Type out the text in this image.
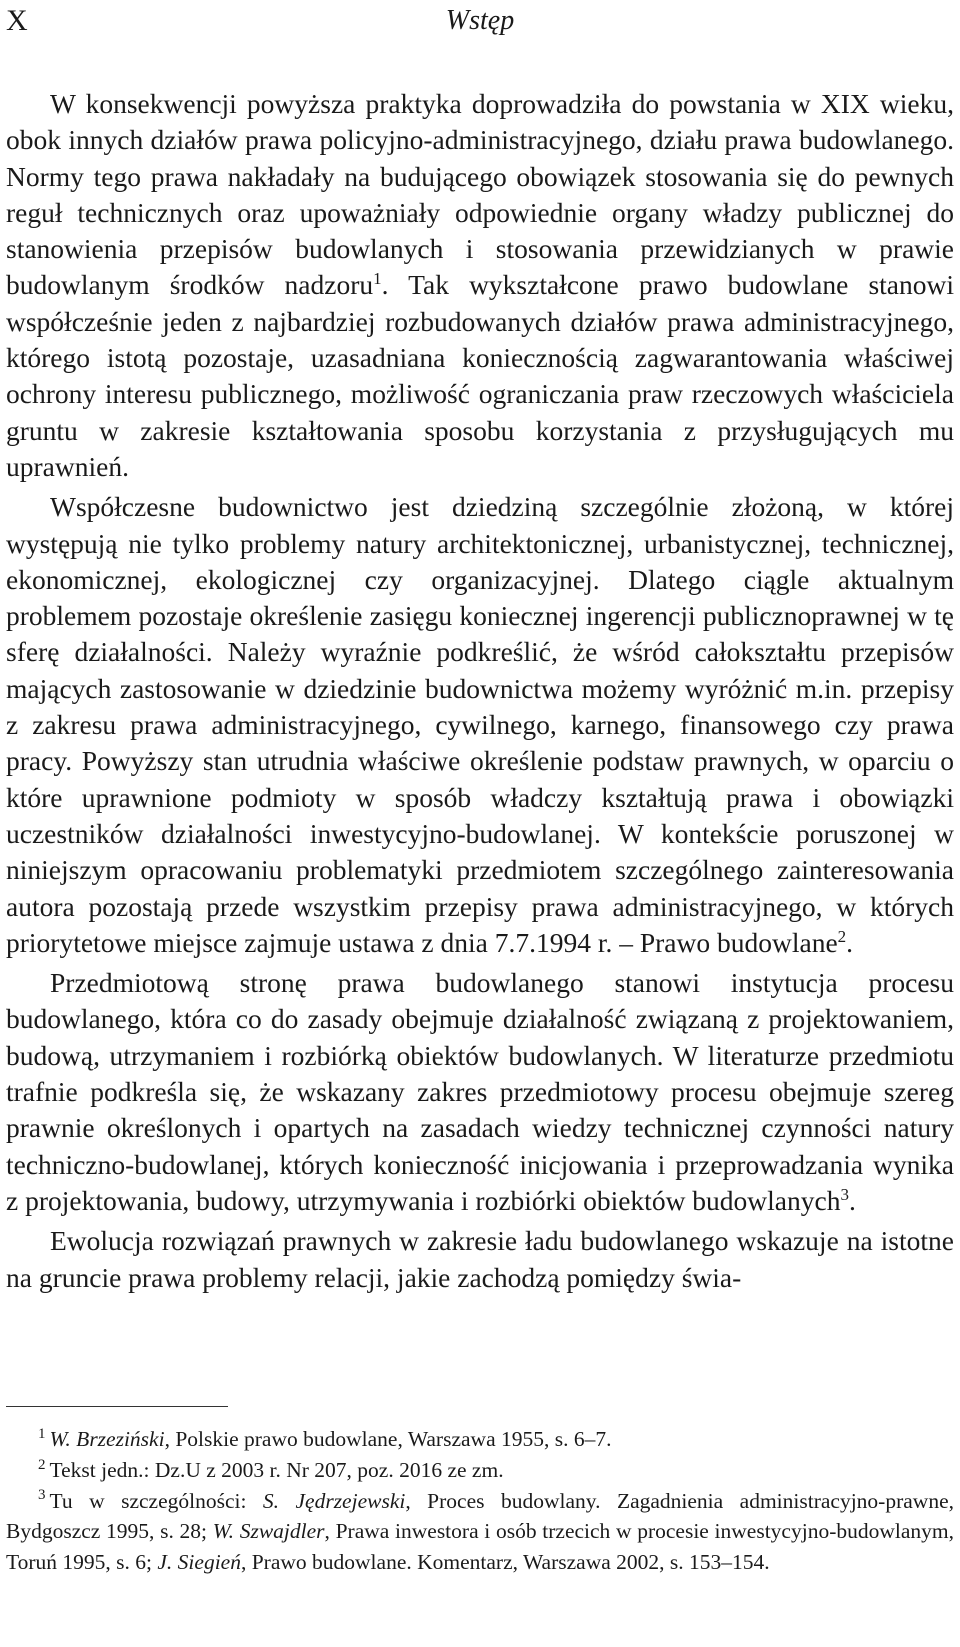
X	Wstęp

W konsekwencji powyższa praktyka doprowadziła do powstania w XIX wieku, obok innych działów prawa policyjno-administracyjnego, działu prawa budowlanego. Normy tego prawa nakładały na budującego obowiązek stosowania się do pewnych reguł technicznych oraz upoważniały odpowiednie organy władzy publicznej do stanowienia przepisów budowlanych i stosowania przewidzianych w prawie budowlanym środków nadzoru$^1$. Tak wykształcone prawo budowlane stanowi współcześnie jeden z najbardziej rozbudowanych działów prawa administracyjnego, którego istotą pozostaje, uzasadniana koniecznością zagwarantowania właściwej ochrony interesu publicznego, możliwość ograniczania praw rzeczowych właściciela gruntu w zakresie kształtowania sposobu korzystania z przysługujących mu uprawnień.

Współczesne budownictwo jest dziedziną szczególnie złożoną, w której występują nie tylko problemy natury architektonicznej, urbanistycznej, technicznej, ekonomicznej, ekologicznej czy organizacyjnej. Dlatego ciągle aktualnym problemem pozostaje określenie zasięgu koniecznej ingerencji publicznoprawnej w tę sferę działalności. Należy wyraźnie podkreślić, że wśród całokształtu przepisów mających zastosowanie w dziedzinie budownictwa możemy wyróżnić m.in. przepisy z zakresu prawa administracyjnego, cywilnego, karnego, finansowego czy prawa pracy. Powyższy stan utrudnia właściwe określenie podstaw prawnych, w oparciu o które uprawnione podmioty w sposób władczy kształtują prawa i obowiązki uczestników działalności inwestycyjno-budowlanej. W kontekście poruszonej w niniejszym opracowaniu problematyki przedmiotem szczególnego zainteresowania autora pozostają przede wszystkim przepisy prawa administracyjnego, w których priorytetowe miejsce zajmuje ustawa z dnia 7.7.1994 r. – Prawo budowlane$^2$.

Przedmiotową stronę prawa budowlanego stanowi instytucja procesu budowlanego, która co do zasady obejmuje działalność związaną z projektowaniem, budową, utrzymaniem i rozbiórką obiektów budowlanych. W literaturze przedmiotu trafnie podkreśla się, że wskazany zakres przedmiotowy procesu obejmuje szereg prawnie określonych i opartych na zasadach wiedzy technicznej czynności natury techniczno-budowlanej, których konieczność inicjowania i przeprowadzania wynika z projektowania, budowy, utrzymywania i rozbiórki obiektów budowlanych$^3$.

Ewolucja rozwiązań prawnych w zakresie ładu budowlanego wskazuje na istotne na gruncie prawa problemy relacji, jakie zachodzą pomiędzy świa-

$^1$ W. Brzeziński, Polskie prawo budowlane, Warszawa 1955, s. 6–7.

$^2$ Tekst jedn.: Dz.U z 2003 r. Nr 207, poz. 2016 ze zm.

$^3$ Tu w szczególności: S. Jędrzejewski, Proces budowlany. Zagadnienia administracyjno-prawne, Bydgoszcz 1995, s. 28; W. Szwajdler, Prawa inwestora i osób trzecich w procesie inwestycyjno-budowlanym, Toruń 1995, s. 6; J. Siegień, Prawo budowlane. Komentarz, Warszawa 2002, s. 153–154.
